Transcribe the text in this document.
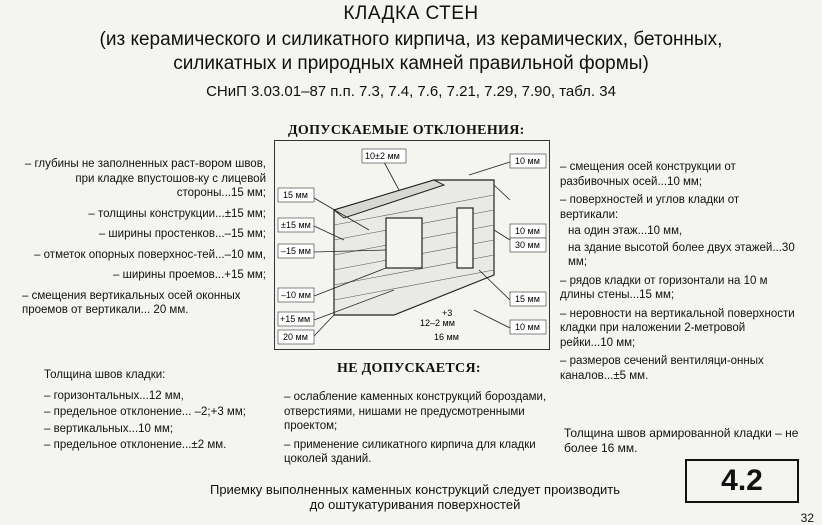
КЛАДКА СТЕН
(из керамического и силикатного кирпича, из керамических, бетонных,
силикатных и природных камней правильной формы)
СНиП 3.03.01–87 п.п. 7.3, 7.4, 7.6, 7.21, 7.29, 7.90, табл. 34
ДОПУСКАЕМЫЕ ОТКЛОНЕНИЯ:

– глубины не заполненных раст-вором швов, при кладке впустошов-ку с лицевой стороны...15 мм;

– толщины конструкции...±15 мм;

– ширины простенков...–15 мм;

– отметок опорных поверхнос-тей...–10 мм,

– ширины проемов...+15 мм;

– смещения вертикальных осей оконных проемов от вертикали... 20 мм.

Толщина швов кладки:

– горизонтальных...12 мм,

– предельное отклонение... –2;+3 мм;

– вертикальных...10 мм;

– предельное отклонение...±2 мм.

– смещения осей конструкции от разбивочных осей...10 мм;

– поверхностей и углов кладки от вертикали:

на один этаж...10 мм,

на здание высотой более двух этажей...30 мм;

– рядов кладки от горизонтали на 10 м длины стены...15 мм;

– неровности на вертикальной поверхности кладки при наложении 2-метровой рейки...10 мм;

– размеров сечений вентиляци-онных каналов...±5 мм.

Толщина швов армированной кладки – не более 16 мм.
15 мм
±15 мм
–15 мм
–10 мм
+15 мм
20 мм
10 мм
10 мм
30 мм
15 мм
10 мм
10±2 мм
+3
12–2 мм
16 мм
НЕ ДОПУСКАЕТСЯ:

– ослабление каменных конструкций бороздами, отверстиями, нишами не предусмотренными проектом;

– применение силикатного кирпича для кладки цоколей зданий.

4.2
Приемку выполненных каменных конструкций следует производить
до оштукатуривания поверхностей
32
